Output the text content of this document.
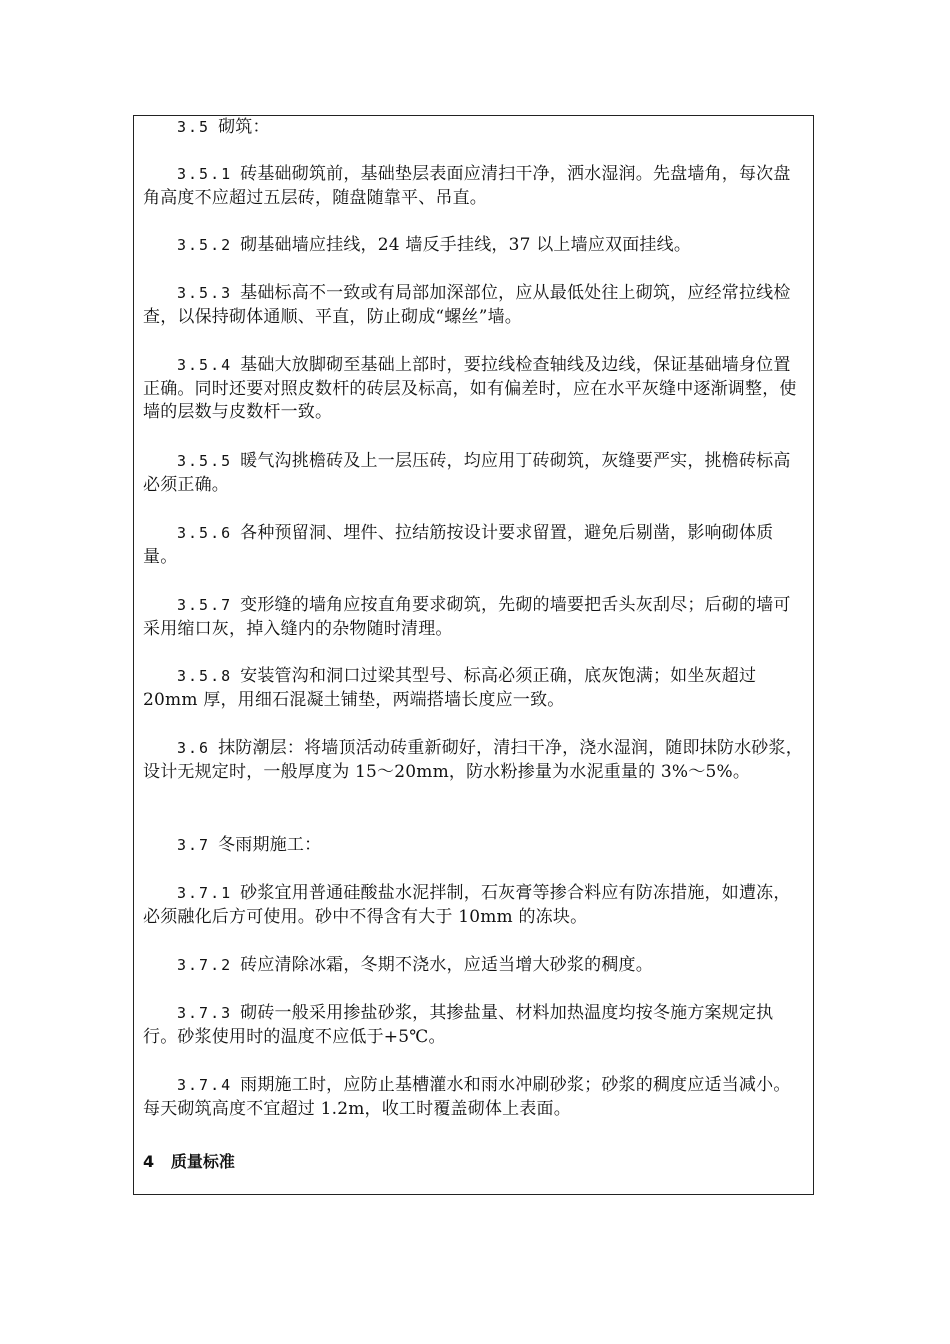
3.5 砌筑：

3.5.1 砖基础砌筑前，基础垫层表面应清扫干净，洒水湿润。先盘墙角，每次盘角高度不应超过五层砖，随盘随靠平、吊直。

3.5.2 砌基础墙应挂线，24 墙反手挂线，37 以上墙应双面挂线。

3.5.3 基础标高不一致或有局部加深部位，应从最低处往上砌筑，应经常拉线检查，以保持砌体通顺、平直，防止砌成“螺丝”墙。

3.5.4 基础大放脚砌至基础上部时，要拉线检查轴线及边线，保证基础墙身位置正确。同时还要对照皮数杆的砖层及标高，如有偏差时，应在水平灰缝中逐渐调整，使墙的层数与皮数杆一致。

3.5.5 暖气沟挑檐砖及上一层压砖，均应用丁砖砌筑，灰缝要严实，挑檐砖标高必须正确。

3.5.6 各种预留洞、埋件、拉结筋按设计要求留置，避免后剔凿，影响砌体质量。

3.5.7 变形缝的墙角应按直角要求砌筑，先砌的墙要把舌头灰刮尽；后砌的墙可采用缩口灰，掉入缝内的杂物随时清理。

3.5.8 安装管沟和洞口过梁其型号、标高必须正确，底灰饱满；如坐灰超过 20mm 厚，用细石混凝土铺垫，两端搭墙长度应一致。

3.6 抹防潮层：将墙顶活动砖重新砌好，清扫干净，浇水湿润，随即抹防水砂浆，设计无规定时，一般厚度为 15～20mm，防水粉掺量为水泥重量的 3%～5%。

3.7 冬雨期施工：

3.7.1 砂浆宜用普通硅酸盐水泥拌制，石灰膏等掺合料应有防冻措施，如遭冻，必须融化后方可使用。砂中不得含有大于 10mm 的冻块。

3.7.2 砖应清除冰霜，冬期不浇水，应适当增大砂浆的稠度。

3.7.3 砌砖一般采用掺盐砂浆，其掺盐量、材料加热温度均按冬施方案规定执行。砂浆使用时的温度不应低于+5℃。

3.7.4 雨期施工时，应防止基槽灌水和雨水冲刷砂浆；砂浆的稠度应适当减小。每天砌筑高度不宜超过 1.2m，收工时覆盖砌体上表面。

4 质量标准
